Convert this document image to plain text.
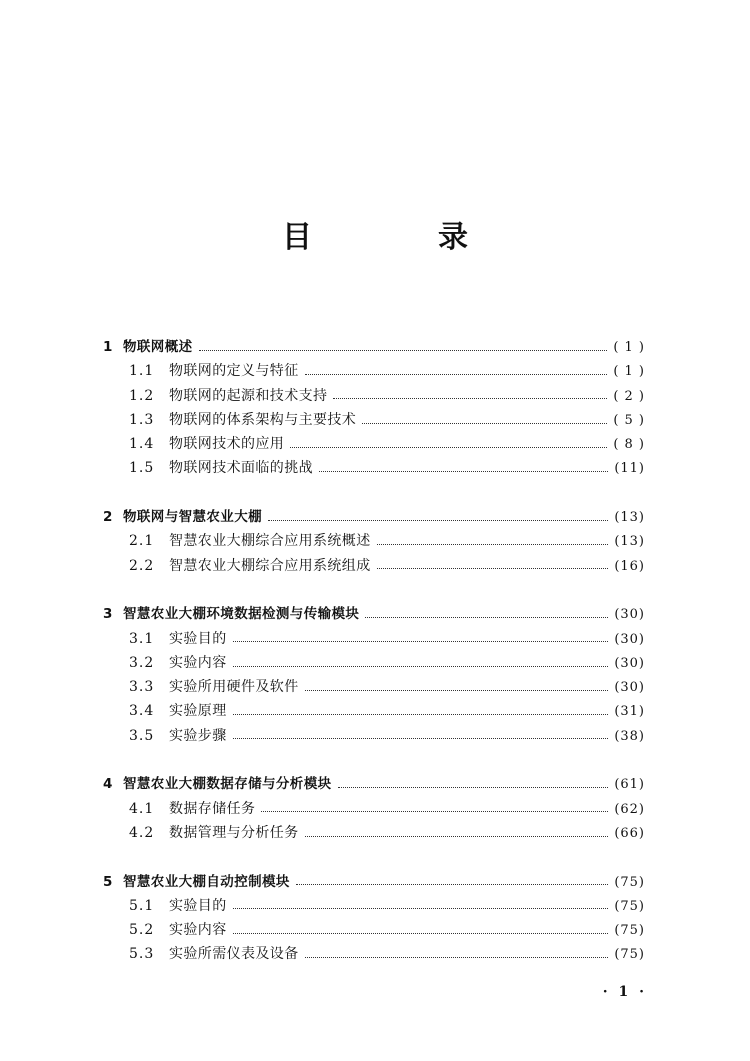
目　录
1 物联网概述	( 1 )
1.1	物联网的定义与特征	( 1 )
1.2	物联网的起源和技术支持	( 2 )
1.3	物联网的体系架构与主要技术	( 5 )
1.4	物联网技术的应用	( 8 )
1.5	物联网技术面临的挑战	(11)
2 物联网与智慧农业大棚	(13)
2.1	智慧农业大棚综合应用系统概述	(13)
2.2	智慧农业大棚综合应用系统组成	(16)
3 智慧农业大棚环境数据检测与传输模块	(30)
3.1	实验目的	(30)
3.2	实验内容	(30)
3.3	实验所用硬件及软件	(30)
3.4	实验原理	(31)
3.5	实验步骤	(38)
4 智慧农业大棚数据存储与分析模块	(61)
4.1	数据存储任务	(62)
4.2	数据管理与分析任务	(66)
5 智慧农业大棚自动控制模块	(75)
5.1	实验目的	(75)
5.2	实验内容	(75)
5.3	实验所需仪表及设备	(75)
· 1 ·
